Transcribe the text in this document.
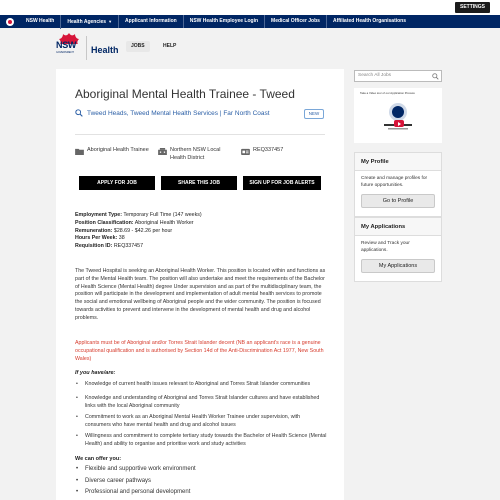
SETTINGS
NSW Health	Health Agencies ▼	Applicant Information	NSW Health Employee Login	Medical Officer Jobs	Affiliated Health Organisations
NSW
GOVERNMENT Health	JOBS	HELP
Aboriginal Mental Health Trainee - Tweed
Tweed Heads, Tweed Mental Health Services | Far North Coast	NEW
Aboriginal Health Trainee	Northern NSW Local Health District
REQ337457
APPLY FOR JOB	SHARE THIS JOB	SIGN UP FOR JOB ALERTS
Employment Type: Temporary Full Time (147 weeks)
Position Classification: Aboriginal Health Worker
Remuneration: $28.69 - $42.26 per hour
Hours Per Week: 38
Requisition ID: REQ337457
The Tweed Hospital is seeking an Aboriginal Health Worker. This position is located within and functions as part of the Mental Health team. The position will also undertake and meet the requirements of the Bachelor of Health Science (Mental Health) degree Under supervision and as part of the multidisciplinary team, the position will participate in the development and implementation of adult mental health services to promote the social and emotional wellbeing of Aboriginal people and the wider community. The position is focused towards activities to prevent and intervene in the development of mental health and drug and alcohol problems.
Applicants must be of Aboriginal and/or Torres Strait Islander decent (NB an applicant's race is a genuine occupational qualification and is authorised by Section 14d of the Anti-Discrimination Act 1977, New South Wales)
If you have/are:
• Knowledge of current health issues relevant to Aboriginal and Torres Strait Islander communities
• Knowledge and understanding of Aboriginal and Torres Strait Islander cultures and have established links with the local Aboriginal community
• Commitment to work as an Aboriginal Mental Health Worker Trainee under supervision, with consumers who have mental health and drug and alcohol issues
• Willingness and commitment to complete tertiary study towards the Bachelor of Health Science (Mental Health) and ability to organise and prioritise work and study activities
We can offer you:
• Flexible and supportive work environment
• Diverse career pathways
• Professional and personal development
Search All Jobs
Take a Video tour of our Application Process
My Profile
Create and manage profiles for future opportunities.
Go to Profile
My Applications
Review and Track your applications.
My Applications
